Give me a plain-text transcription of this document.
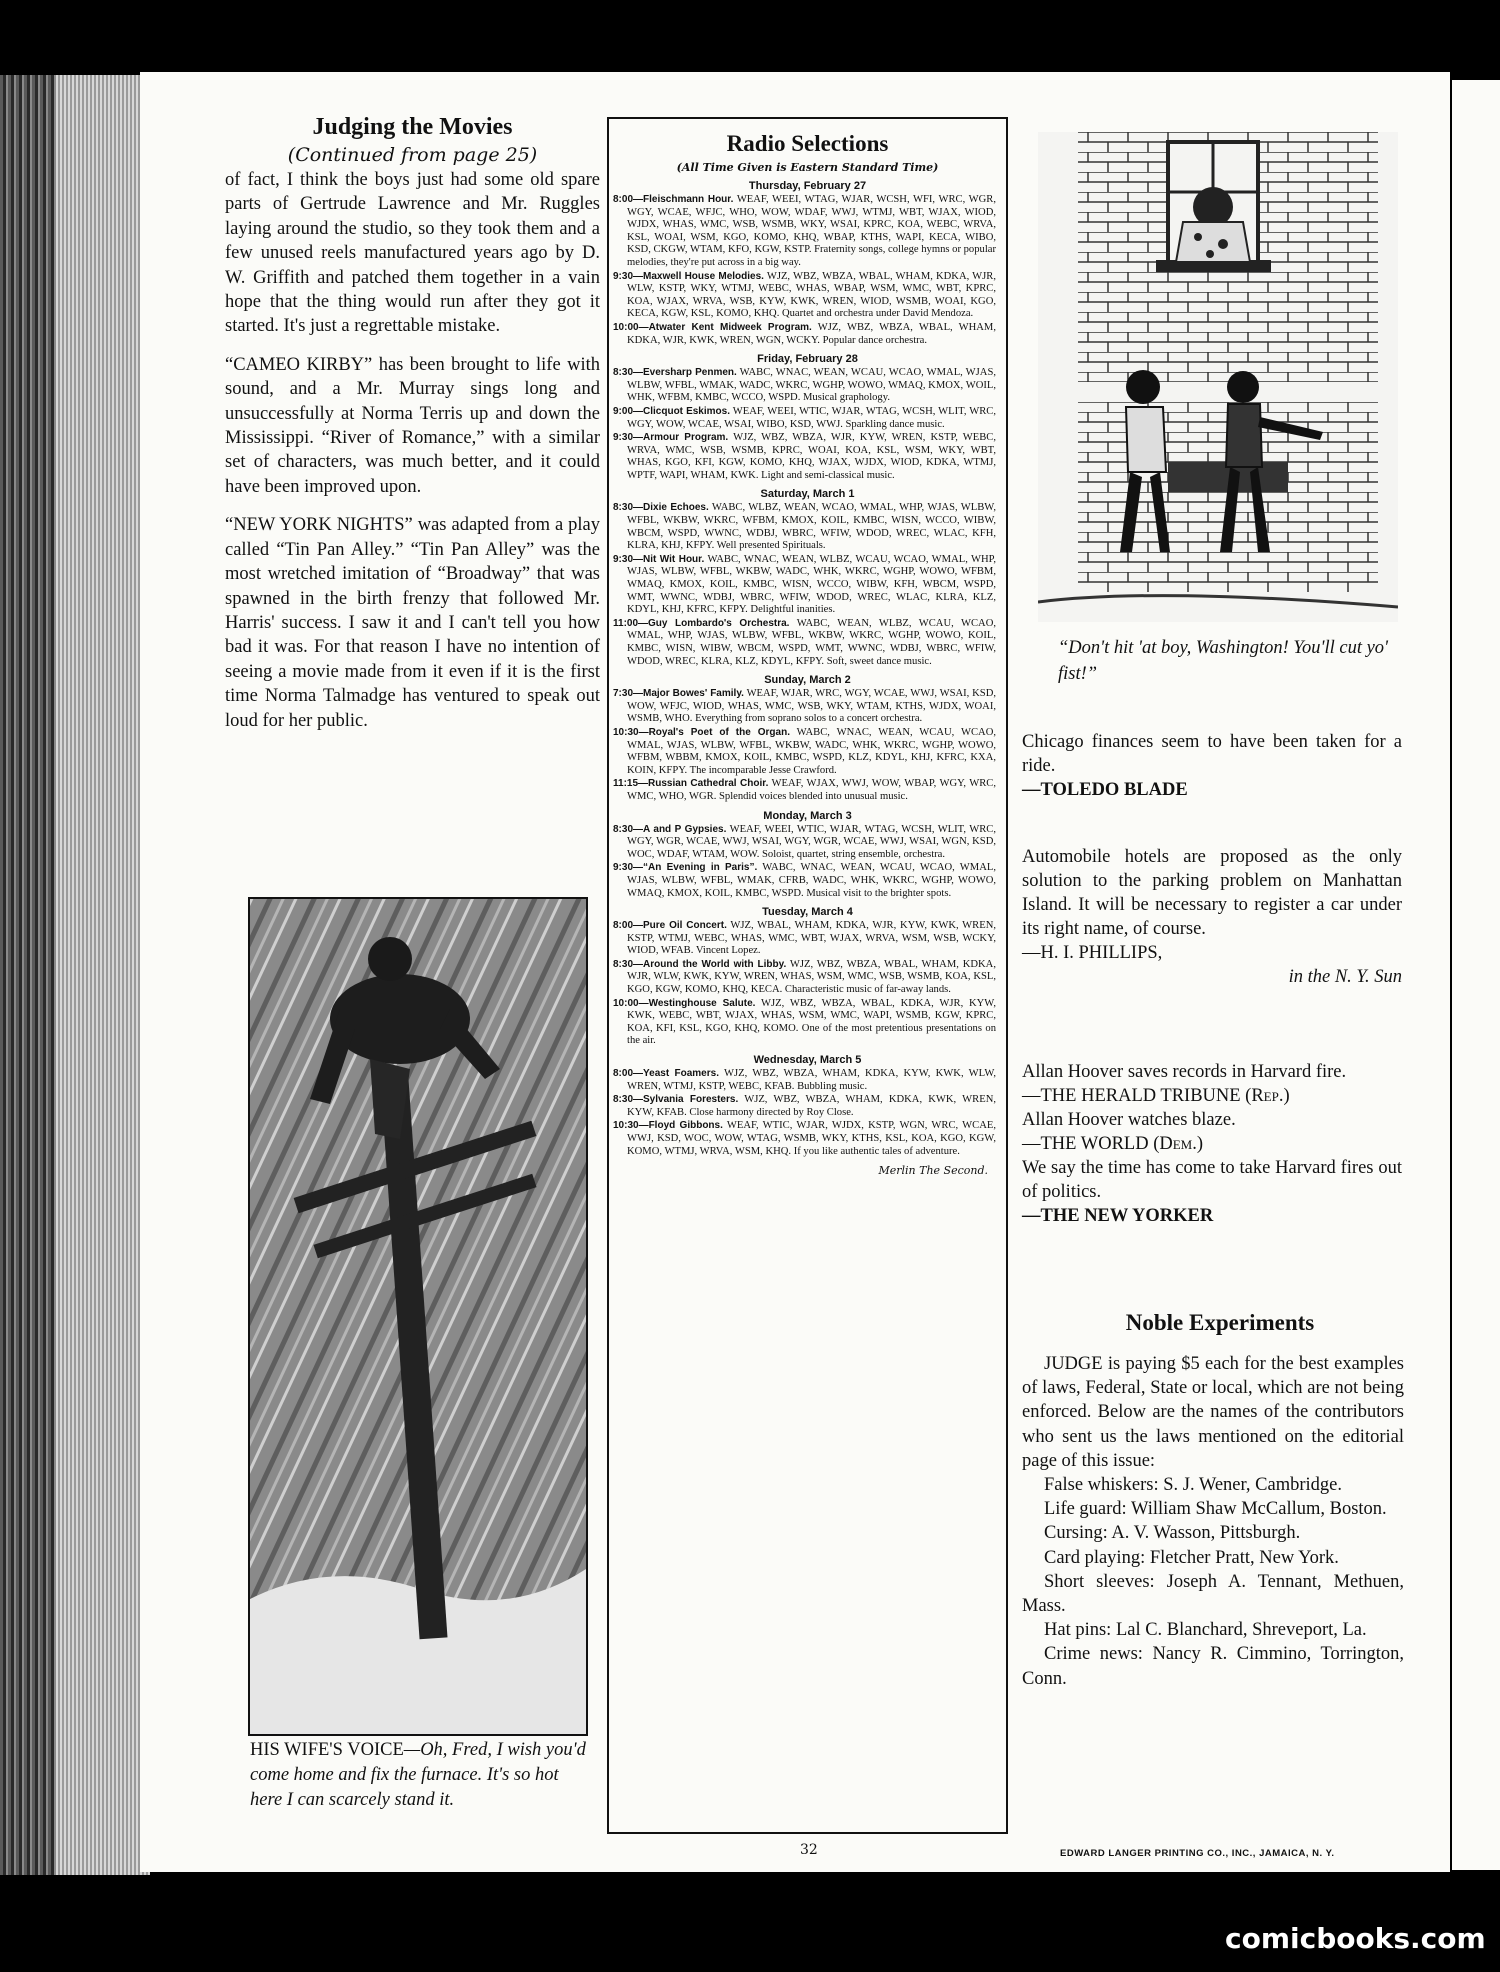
Judging the Movies

(Continued from page 25)

of fact, I think the boys just had some old spare parts of Gertrude Lawrence and Mr. Ruggles laying around the studio, so they took them and a few unused reels manufactured years ago by D. W. Griffith and patched them together in a vain hope that the thing would run after they got it started. It's just a regrettable mistake.

“CAMEO KIRBY” has been brought to life with sound, and a Mr. Murray sings long and unsuccessfully at Norma Terris up and down the Mississippi. “River of Romance,” with a similar set of characters, was much better, and it could have been improved upon.

“NEW YORK NIGHTS” was adapted from a play called “Tin Pan Alley.” “Tin Pan Alley” was the most wretched imitation of “Broadway” that was spawned in the birth frenzy that followed Mr. Harris' success. I saw it and I can't tell you how bad it was. For that reason I have no intention of seeing a movie made from it even if it is the first time Norma Talmadge has ventured to speak out loud for her public.

HIS WIFE'S VOICE—Oh, Fred, I wish you'd come home and fix the furnace. It's so hot here I can scarcely stand it.
Radio Selections
(All Time Given is Eastern Standard Time)
Thursday, February 27
8:00—Fleischmann Hour. WEAF, WEEI, WTAG, WJAR, WCSH, WFI, WRC, WGR, WGY, WCAE, WFJC, WHO, WOW, WDAF, WWJ, WTMJ, WBT, WJAX, WIOD, WJDX, WHAS, WMC, WSB, WSMB, WKY, WSAI, KPRC, KOA, WEBC, WRVA, KSL, WOAI, WSM, KGO, KOMO, KHQ, WBAP, KTHS, WAPI, KECA, WIBO, KSD, CKGW, WTAM, KFO, KGW, KSTP. Fraternity songs, college hymns or popular melodies, they're put across in a big way.
9:30—Maxwell House Melodies. WJZ, WBZ, WBZA, WBAL, WHAM, KDKA, WJR, WLW, KSTP, WKY, WTMJ, WEBC, WHAS, WBAP, WSM, WMC, WBT, KPRC, KOA, WJAX, WRVA, WSB, KYW, KWK, WREN, WIOD, WSMB, WOAI, KGO, KECA, KGW, KSL, KOMO, KHQ. Quartet and orchestra under David Mendoza.
10:00—Atwater Kent Midweek Program. WJZ, WBZ, WBZA, WBAL, WHAM, KDKA, WJR, KWK, WREN, WGN, WCKY. Popular dance orchestra.
Friday, February 28
8:30—Eversharp Penmen. WABC, WNAC, WEAN, WCAU, WCAO, WMAL, WJAS, WLBW, WFBL, WMAK, WADC, WKRC, WGHP, WOWO, WMAQ, KMOX, WOIL, WHK, WFBM, KMBC, WCCO, WSPD. Musical graphology.
9:00—Clicquot Eskimos. WEAF, WEEI, WTIC, WJAR, WTAG, WCSH, WLIT, WRC, WGY, WOW, WCAE, WSAI, WIBO, KSD, WWJ. Sparkling dance music.
9:30—Armour Program. WJZ, WBZ, WBZA, WJR, KYW, WREN, KSTP, WEBC, WRVA, WMC, WSB, WSMB, KPRC, WOAI, KOA, KSL, WSM, WKY, WBT, WHAS, KGO, KFI, KGW, KOMO, KHQ, WJAX, WJDX, WIOD, KDKA, WTMJ, WPTF, WAPI, WHAM, KWK. Light and semi-classical music.
Saturday, March 1
8:30—Dixie Echoes. WABC, WLBZ, WEAN, WCAO, WMAL, WHP, WJAS, WLBW, WFBL, WKBW, WKRC, WFBM, KMOX, KOIL, KMBC, WISN, WCCO, WIBW, WBCM, WSPD, WWNC, WDBJ, WBRC, WFIW, WDOD, WREC, WLAC, KFH, KLRA, KHJ, KFPY. Well presented Spirituals.
9:30—Nit Wit Hour. WABC, WNAC, WEAN, WLBZ, WCAU, WCAO, WMAL, WHP, WJAS, WLBW, WFBL, WKBW, WADC, WHK, WKRC, WGHP, WOWO, WFBM, WMAQ, KMOX, KOIL, KMBC, WISN, WCCO, WIBW, KFH, WBCM, WSPD, WMT, WWNC, WDBJ, WBRC, WFIW, WDOD, WREC, WLAC, KLRA, KLZ, KDYL, KHJ, KFRC, KFPY. Delightful inanities.
11:00—Guy Lombardo's Orchestra. WABC, WEAN, WLBZ, WCAU, WCAO, WMAL, WHP, WJAS, WLBW, WFBL, WKBW, WKRC, WGHP, WOWO, KOIL, KMBC, WISN, WIBW, WBCM, WSPD, WMT, WWNC, WDBJ, WBRC, WFIW, WDOD, WREC, KLRA, KLZ, KDYL, KFPY. Soft, sweet dance music.
Sunday, March 2
7:30—Major Bowes' Family. WEAF, WJAR, WRC, WGY, WCAE, WWJ, WSAI, KSD, WOW, WFJC, WIOD, WHAS, WMC, WSB, WKY, WTAM, KTHS, WJDX, WOAI, WSMB, WHO. Everything from soprano solos to a concert orchestra.
10:30—Royal's Poet of the Organ. WABC, WNAC, WEAN, WCAU, WCAO, WMAL, WJAS, WLBW, WFBL, WKBW, WADC, WHK, WKRC, WGHP, WOWO, WFBM, WBBM, KMOX, KOIL, KMBC, WSPD, KLZ, KDYL, KHJ, KFRC, KXA, KOIN, KFPY. The incomparable Jesse Crawford.
11:15—Russian Cathedral Choir. WEAF, WJAX, WWJ, WOW, WBAP, WGY, WRC, WMC, WHO, WGR. Splendid voices blended into unusual music.
Monday, March 3
8:30—A and P Gypsies. WEAF, WEEI, WTIC, WJAR, WTAG, WCSH, WLIT, WRC, WGY, WGR, WCAE, WWJ, WSAI, WGY, WGR, WCAE, WWJ, WSAI, WGN, KSD, WOC, WDAF, WTAM, WOW. Soloist, quartet, string ensemble, orchestra.
9:30—“An Evening in Paris”. WABC, WNAC, WEAN, WCAU, WCAO, WMAL, WJAS, WLBW, WFBL, WMAK, CFRB, WADC, WHK, WKRC, WGHP, WOWO, WMAQ, KMOX, KOIL, KMBC, WSPD. Musical visit to the brighter spots.
Tuesday, March 4
8:00—Pure Oil Concert. WJZ, WBAL, WHAM, KDKA, WJR, KYW, KWK, WREN, KSTP, WTMJ, WEBC, WHAS, WMC, WBT, WJAX, WRVA, WSM, WSB, WCKY, WIOD, WFAB. Vincent Lopez.
8:30—Around the World with Libby. WJZ, WBZ, WBZA, WBAL, WHAM, KDKA, WJR, WLW, KWK, KYW, WREN, WHAS, WSM, WMC, WSB, WSMB, KOA, KSL, KGO, KGW, KOMO, KHQ, KECA. Characteristic music of far-away lands.
10:00—Westinghouse Salute. WJZ, WBZ, WBZA, WBAL, KDKA, WJR, KYW, KWK, WEBC, WBT, WJAX, WHAS, WSM, WMC, WAPI, WSMB, KGW, KPRC, KOA, KFI, KSL, KGO, KHQ, KOMO. One of the most pretentious presentations on the air.
Wednesday, March 5
8:00—Yeast Foamers. WJZ, WBZ, WBZA, WHAM, KDKA, KYW, KWK, WLW, WREN, WTMJ, KSTP, WEBC, KFAB. Bubbling music.
8:30—Sylvania Foresters. WJZ, WBZ, WBZA, WHAM, KDKA, KWK, WREN, KYW, KFAB. Close harmony directed by Roy Close.
10:30—Floyd Gibbons. WEAF, WTIC, WJAR, WJDX, KSTP, WGN, WRC, WCAE, WWJ, KSD, WOC, WOW, WTAG, WSMB, WKY, KTHS, KSL, KOA, KGO, KGW, KOMO, WTMJ, WRVA, WSM, KHQ. If you like authentic tales of adventure.
Merlin The Second.
“Don't hit 'at boy, Washington! You'll cut yo' fist!”

Chicago finances seem to have been taken for a ride.

—TOLEDO BLADE

Automobile hotels are proposed as the only solution to the parking problem on Manhattan Island. It will be necessary to register a car under its right name, of course.

—H. I. PHILLIPS,

in the N. Y. Sun

Allan Hoover saves records in Harvard fire.

—THE HERALD TRIBUNE (Rep.)

Allan Hoover watches blaze.

—THE WORLD (Dem.)

We say the time has come to take Harvard fires out of politics.

—THE NEW YORKER

Noble Experiments

JUDGE is paying $5 each for the best examples of laws, Federal, State or local, which are not being enforced. Below are the names of the contributors who sent us the laws mentioned on the editorial page of this issue:

False whiskers: S. J. Wener, Cambridge.

Life guard: William Shaw McCallum, Boston.

Cursing: A. V. Wasson, Pittsburgh.

Card playing: Fletcher Pratt, New York.

Short sleeves: Joseph A. Tennant, Methuen, Mass.

Hat pins: Lal C. Blanchard, Shreveport, La.

Crime news: Nancy R. Cimmino, Torrington, Conn.

32	EDWARD LANGER PRINTING CO., INC., JAMAICA, N. Y.
comicbooks.com
